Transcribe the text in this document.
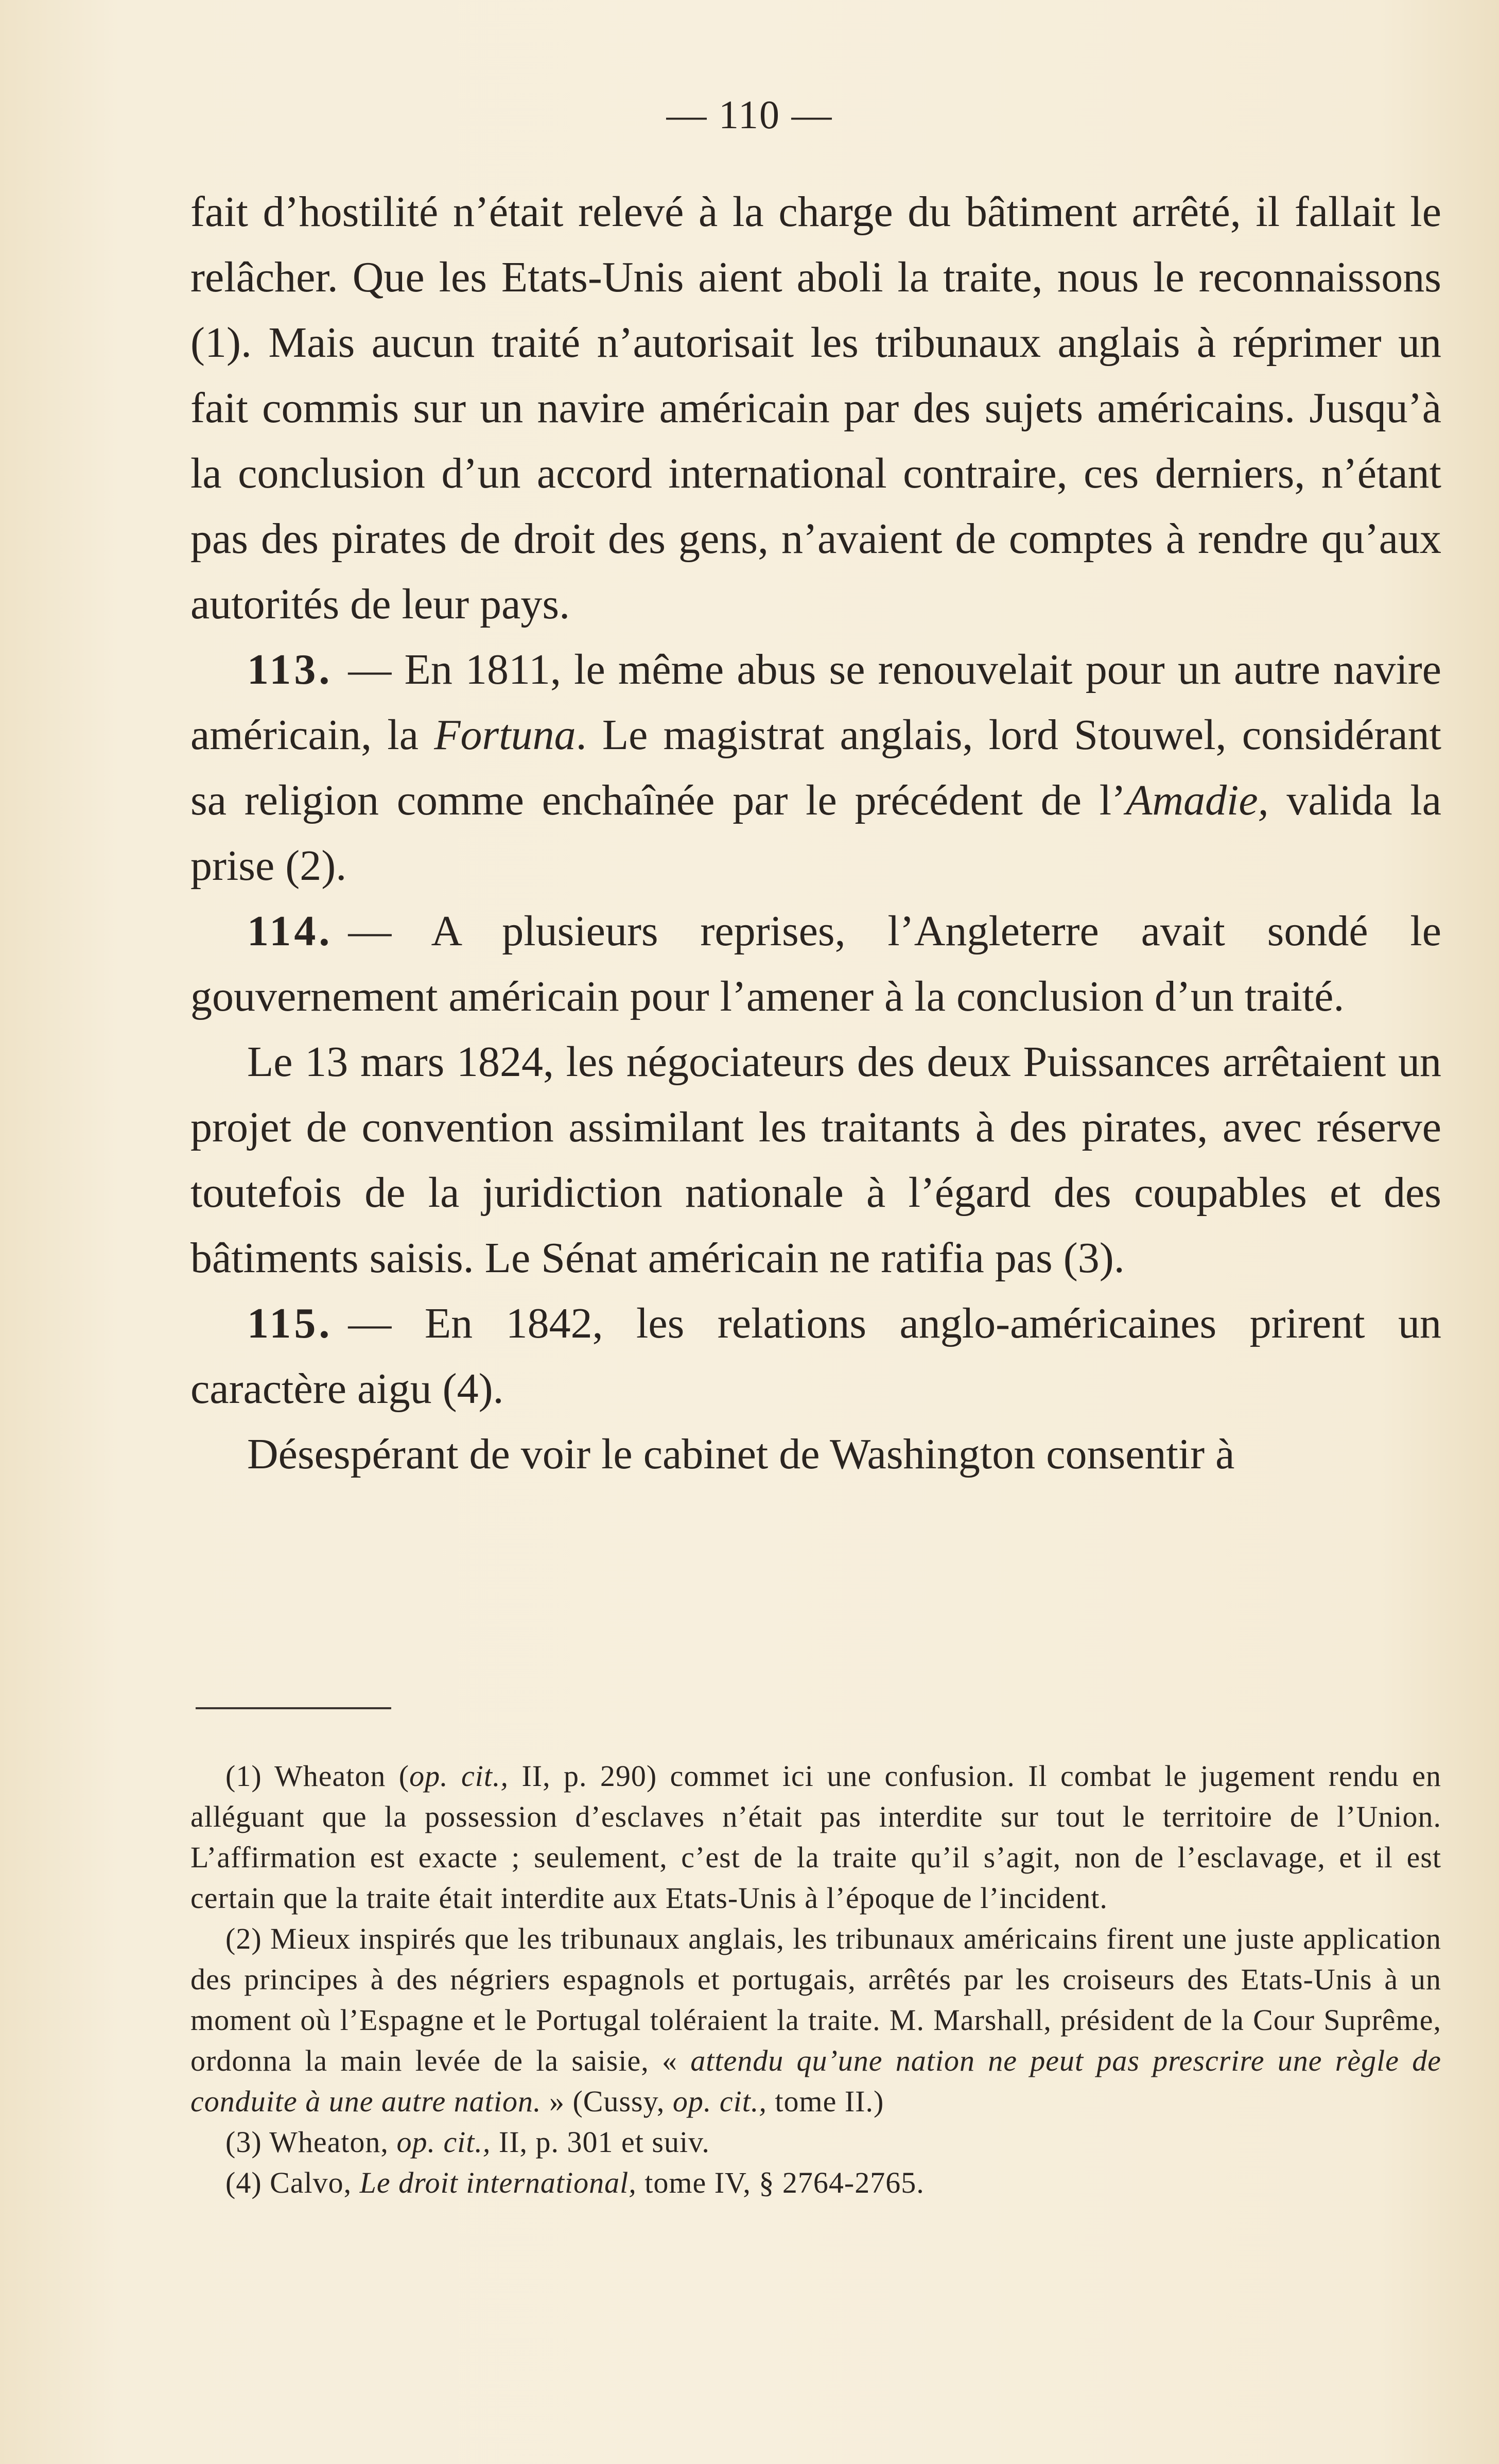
— 110 —

fait d’hostilité n’était relevé à la charge du bâtiment arrêté, il fallait le relâcher. Que les Etats-Unis aient aboli la traite, nous le reconnaissons (1). Mais aucun traité n’autorisait les tribunaux anglais à réprimer un fait commis sur un navire américain par des sujets américains. Jusqu’à la conclusion d’un accord international contraire, ces derniers, n’étant pas des pirates de droit des gens, n’avaient de comptes à rendre qu’aux autorités de leur pays.

113. — En 1811, le même abus se renouvelait pour un autre navire américain, la Fortuna. Le magistrat anglais, lord Stouwel, considérant sa religion comme enchaînée par le précédent de l’Amadie, valida la prise (2).

114. — A plusieurs reprises, l’Angleterre avait sondé le gouvernement américain pour l’amener à la conclusion d’un traité.

Le 13 mars 1824, les négociateurs des deux Puissances arrêtaient un projet de convention assimilant les traitants à des pirates, avec réserve toutefois de la juridiction nationale à l’égard des coupables et des bâtiments saisis. Le Sénat américain ne ratifia pas (3).

115. — En 1842, les relations anglo-américaines prirent un caractère aigu (4).

Désespérant de voir le cabinet de Washington consentir à

(1) Wheaton (op. cit., II, p. 290) commet ici une confusion. Il combat le jugement rendu en alléguant que la possession d’esclaves n’était pas interdite sur tout le territoire de l’Union. L’affirmation est exacte ; seulement, c’est de la traite qu’il s’agit, non de l’esclavage, et il est certain que la traite était interdite aux Etats-Unis à l’époque de l’incident.

(2) Mieux inspirés que les tribunaux anglais, les tribunaux américains firent une juste application des principes à des négriers espagnols et portugais, arrêtés par les croiseurs des Etats-Unis à un moment où l’Espagne et le Portugal toléraient la traite. M. Marshall, président de la Cour Suprême, ordonna la main levée de la saisie, « attendu qu’une nation ne peut pas prescrire une règle de conduite à une autre nation. » (Cussy, op. cit., tome II.)

(3) Wheaton, op. cit., II, p. 301 et suiv.

(4) Calvo, Le droit international, tome IV, § 2764-2765.
